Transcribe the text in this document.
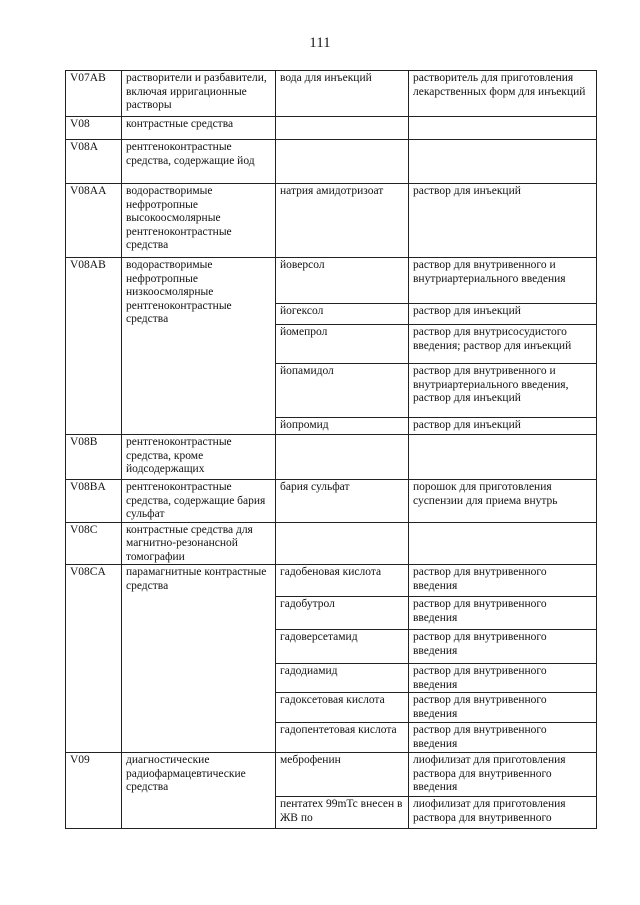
111
V07AB	растворители и разбавители, включая ирригационные растворы	вода для инъекций	растворитель для приготовления лекарственных форм для инъекций
V08	контрастные средства		
V08A	рентгеноконтрастные средства, содержащие йод		
V08AA	водорастворимые нефротропные высокоосмолярные рентгеноконтрастные средства	натрия амидотризоат	раствор для инъекций
V08AB	водорастворимые нефротропные низкоосмолярные рентгеноконтрастные средства	йоверсол	раствор для внутривенного и внутриартериального введения
		йогексол	раствор для инъекций
		йомепрол	раствор для внутрисосудистого введения; раствор для инъекций
		йопамидол	раствор для внутривенного и внутриартериального введения, раствор для инъекций
		йопромид	раствор для инъекций
V08B	рентгеноконтрастные средства, кроме йодсодержащих		
V08BA	рентгеноконтрастные средства, содержащие бария сульфат	бария сульфат	порошок для приготовления суспензии для приема внутрь
V08C	контрастные средства для магнитно-резонансной томографии		
V08CA	парамагнитные контрастные средства	гадобеновая кислота	раствор для внутривенного введения
		гадобутрол	раствор для внутривенного введения
		гадоверсетамид	раствор для внутривенного введения
		гадодиамид	раствор для внутривенного введения
		гадоксетовая кислота	раствор для внутривенного введения
		гадопентетовая кислота	раствор для внутривенного введения
V09	диагностические радиофармацевтические средства	меброфенин	лиофилизат для приготовления раствора для внутривенного введения
		пентатех 99mTc внесен в ЖВ по	лиофилизат для приготовления раствора для внутривенного
